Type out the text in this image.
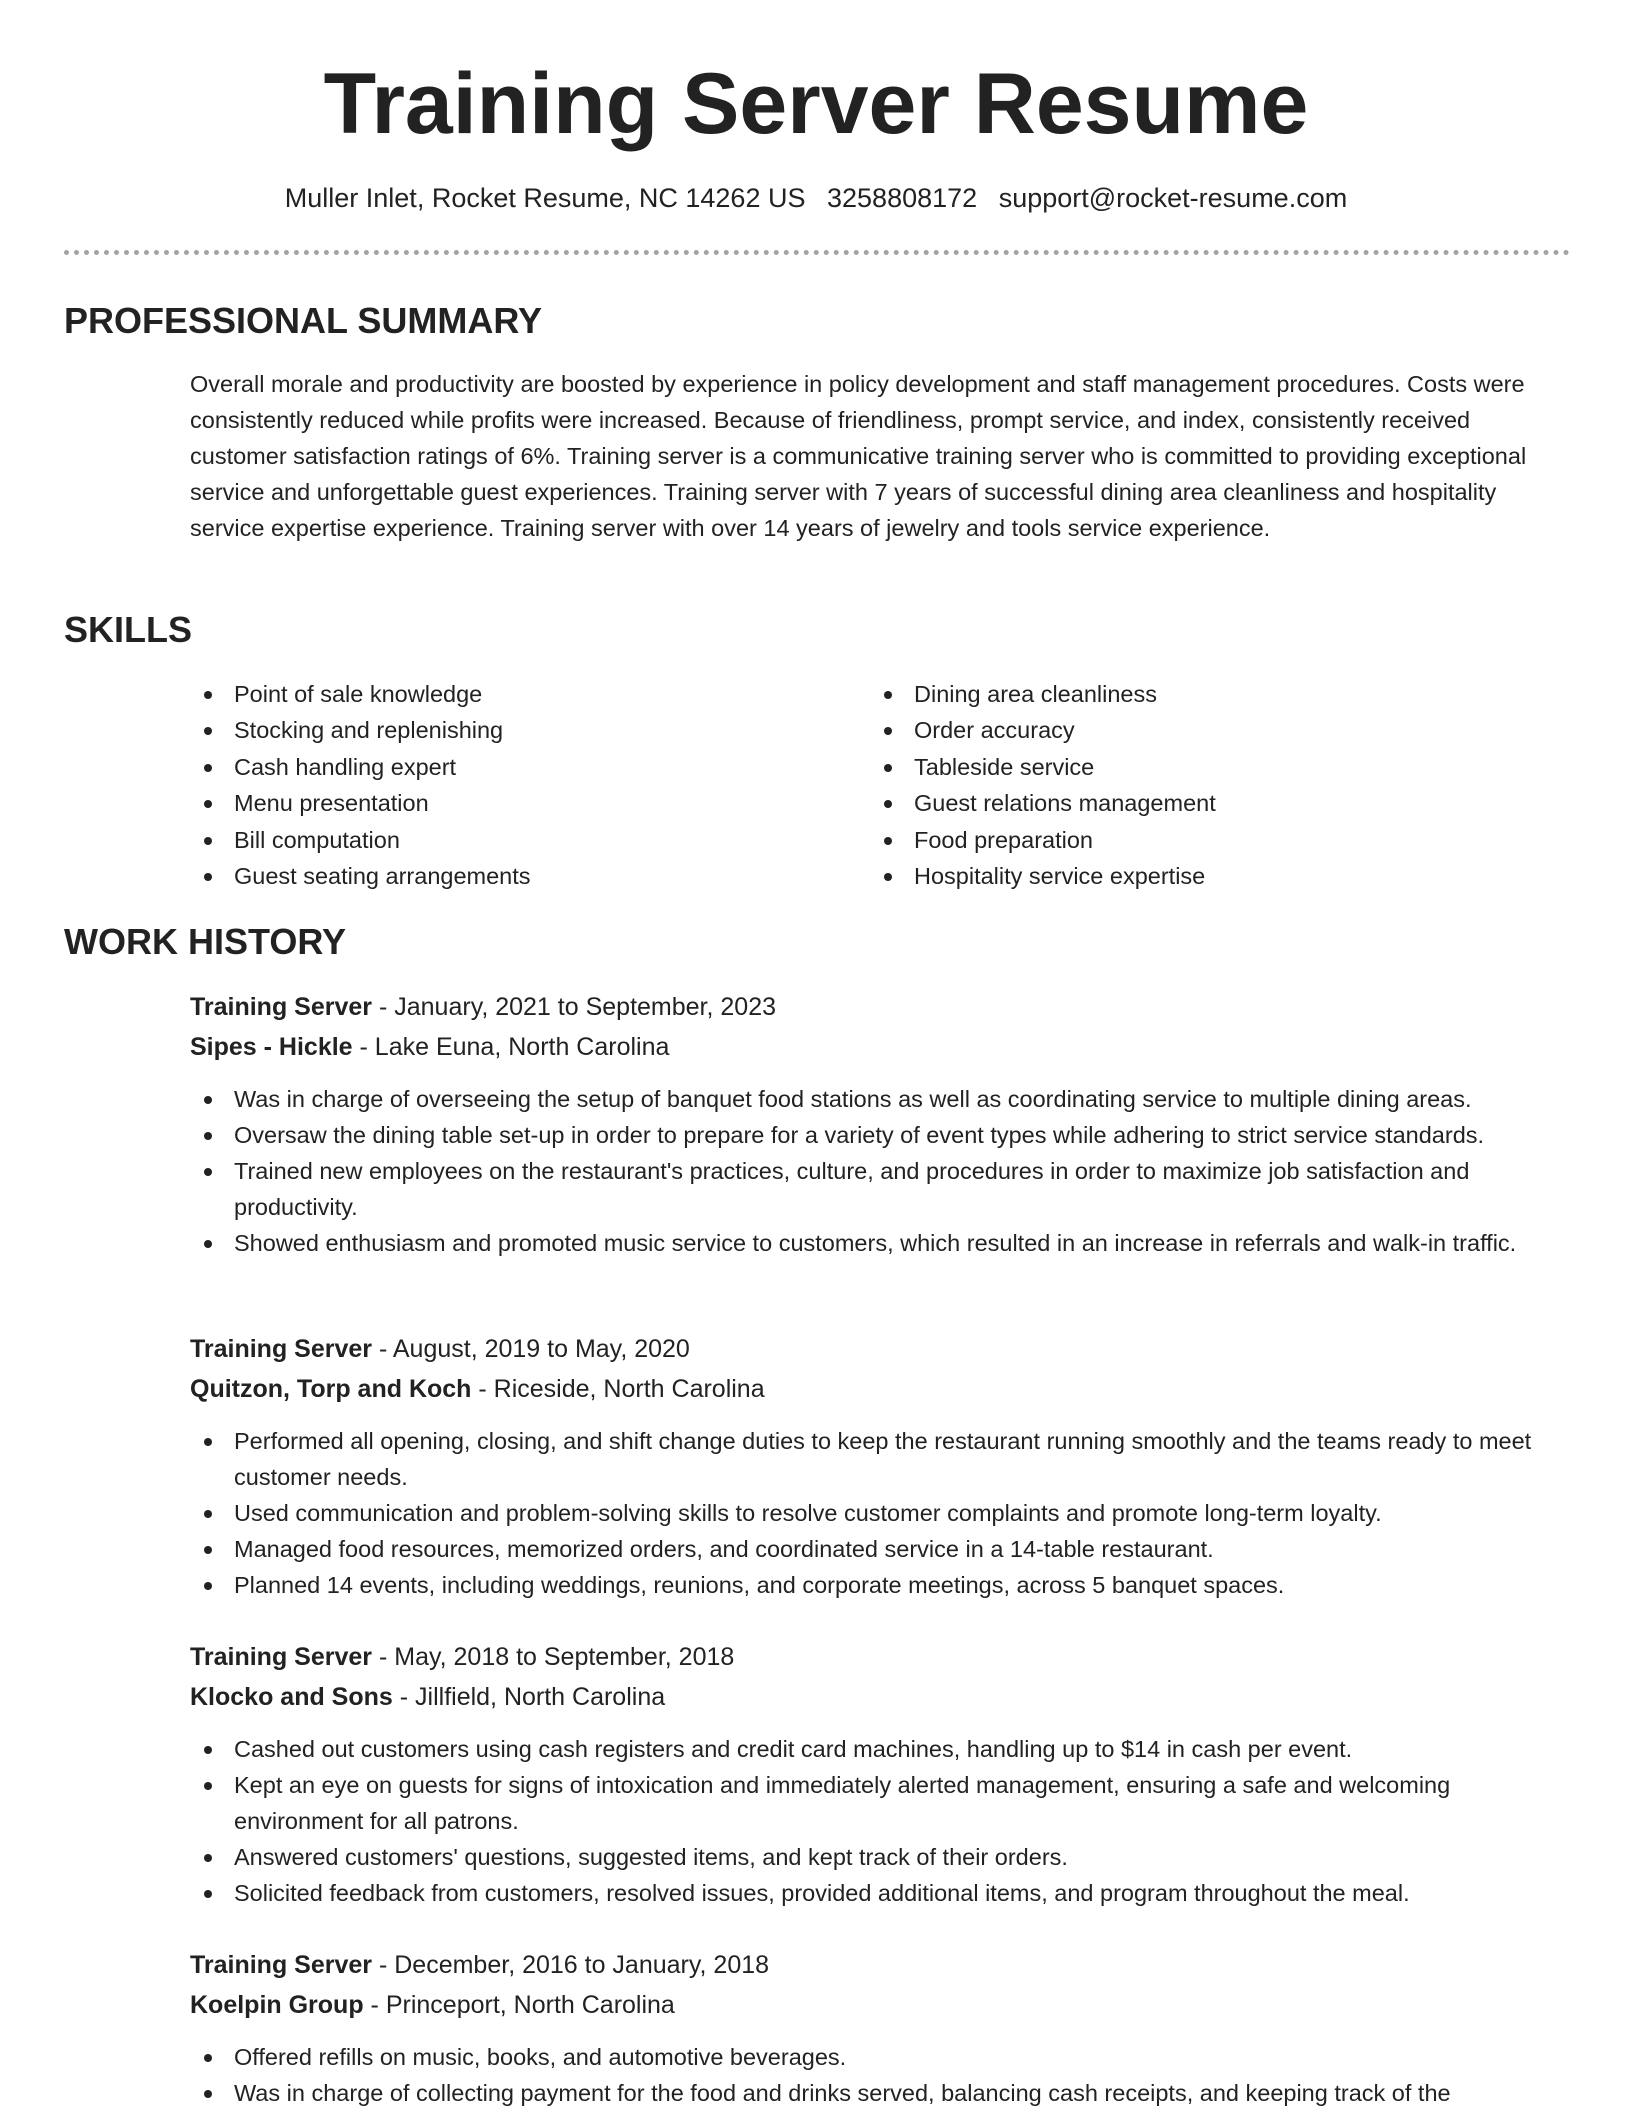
Training Server Resume
Muller Inlet, Rocket Resume, NC 14262 US 3258808172 support@rocket-resume.com
PROFESSIONAL SUMMARY

Overall morale and productivity are boosted by experience in policy development and staff management procedures. Costs were consistently reduced while profits were increased. Because of friendliness, prompt service, and index, consistently received customer satisfaction ratings of 6%. Training server is a communicative training server who is committed to providing exceptional service and unforgettable guest experiences. Training server with 7 years of successful dining area cleanliness and hospitality service expertise experience. Training server with over 14 years of jewelry and tools service experience.

SKILLS
Point of sale knowledge
Stocking and replenishing
Cash handling expert
Menu presentation
Bill computation
Guest seating arrangements
Dining area cleanliness
Order accuracy
Tableside service
Guest relations management
Food preparation
Hospitality service expertise
WORK HISTORY
Training Server - January, 2021 to September, 2023
Sipes - Hickle - Lake Euna, North Carolina
Was in charge of overseeing the setup of banquet food stations as well as coordinating service to multiple dining areas.
Oversaw the dining table set-up in order to prepare for a variety of event types while adhering to strict service standards.
Trained new employees on the restaurant's practices, culture, and procedures in order to maximize job satisfaction and productivity.
Showed enthusiasm and promoted music service to customers, which resulted in an increase in referrals and walk-in traffic.
Training Server - August, 2019 to May, 2020
Quitzon, Torp and Koch - Riceside, North Carolina
Performed all opening, closing, and shift change duties to keep the restaurant running smoothly and the teams ready to meet customer needs.
Used communication and problem-solving skills to resolve customer complaints and promote long-term loyalty.
Managed food resources, memorized orders, and coordinated service in a 14-table restaurant.
Planned 14 events, including weddings, reunions, and corporate meetings, across 5 banquet spaces.
Training Server - May, 2018 to September, 2018
Klocko and Sons - Jillfield, North Carolina
Cashed out customers using cash registers and credit card machines, handling up to $14 in cash per event.
Kept an eye on guests for signs of intoxication and immediately alerted management, ensuring a safe and welcoming environment for all patrons.
Answered customers' questions, suggested items, and kept track of their orders.
Solicited feedback from customers, resolved issues, provided additional items, and program throughout the meal.
Training Server - December, 2016 to January, 2018
Koelpin Group - Princeport, North Carolina
Offered refills on music, books, and automotive beverages.
Was in charge of collecting payment for the food and drinks served, balancing cash receipts, and keeping track of the
